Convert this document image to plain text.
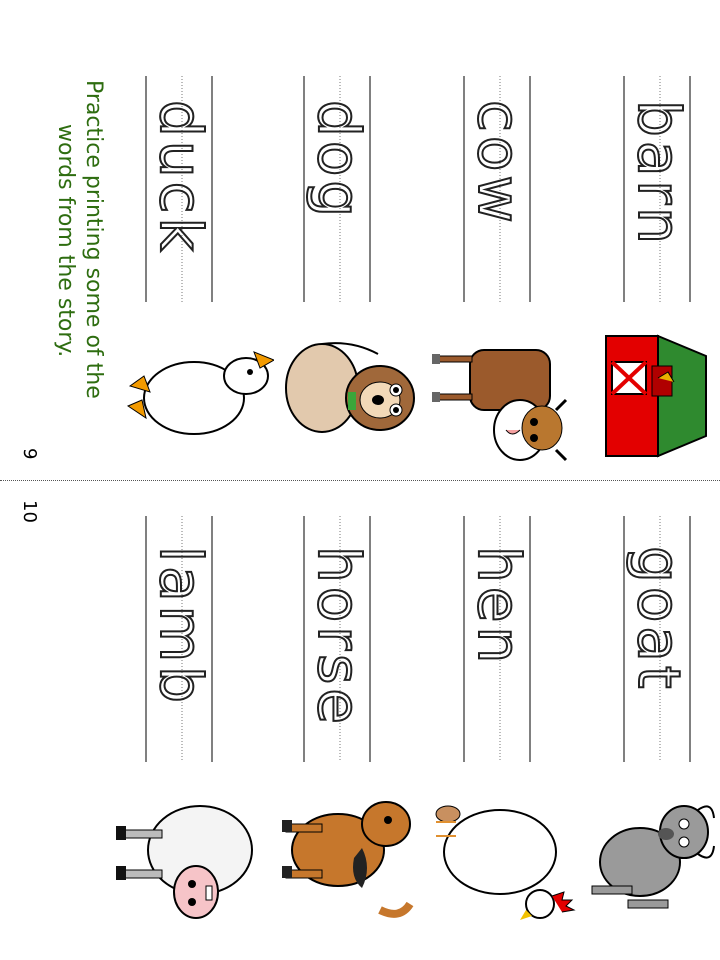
Practice printing some of the
words from the story.
9
10
barn
cow
dog
duck
goat
hen
horse
lamb
